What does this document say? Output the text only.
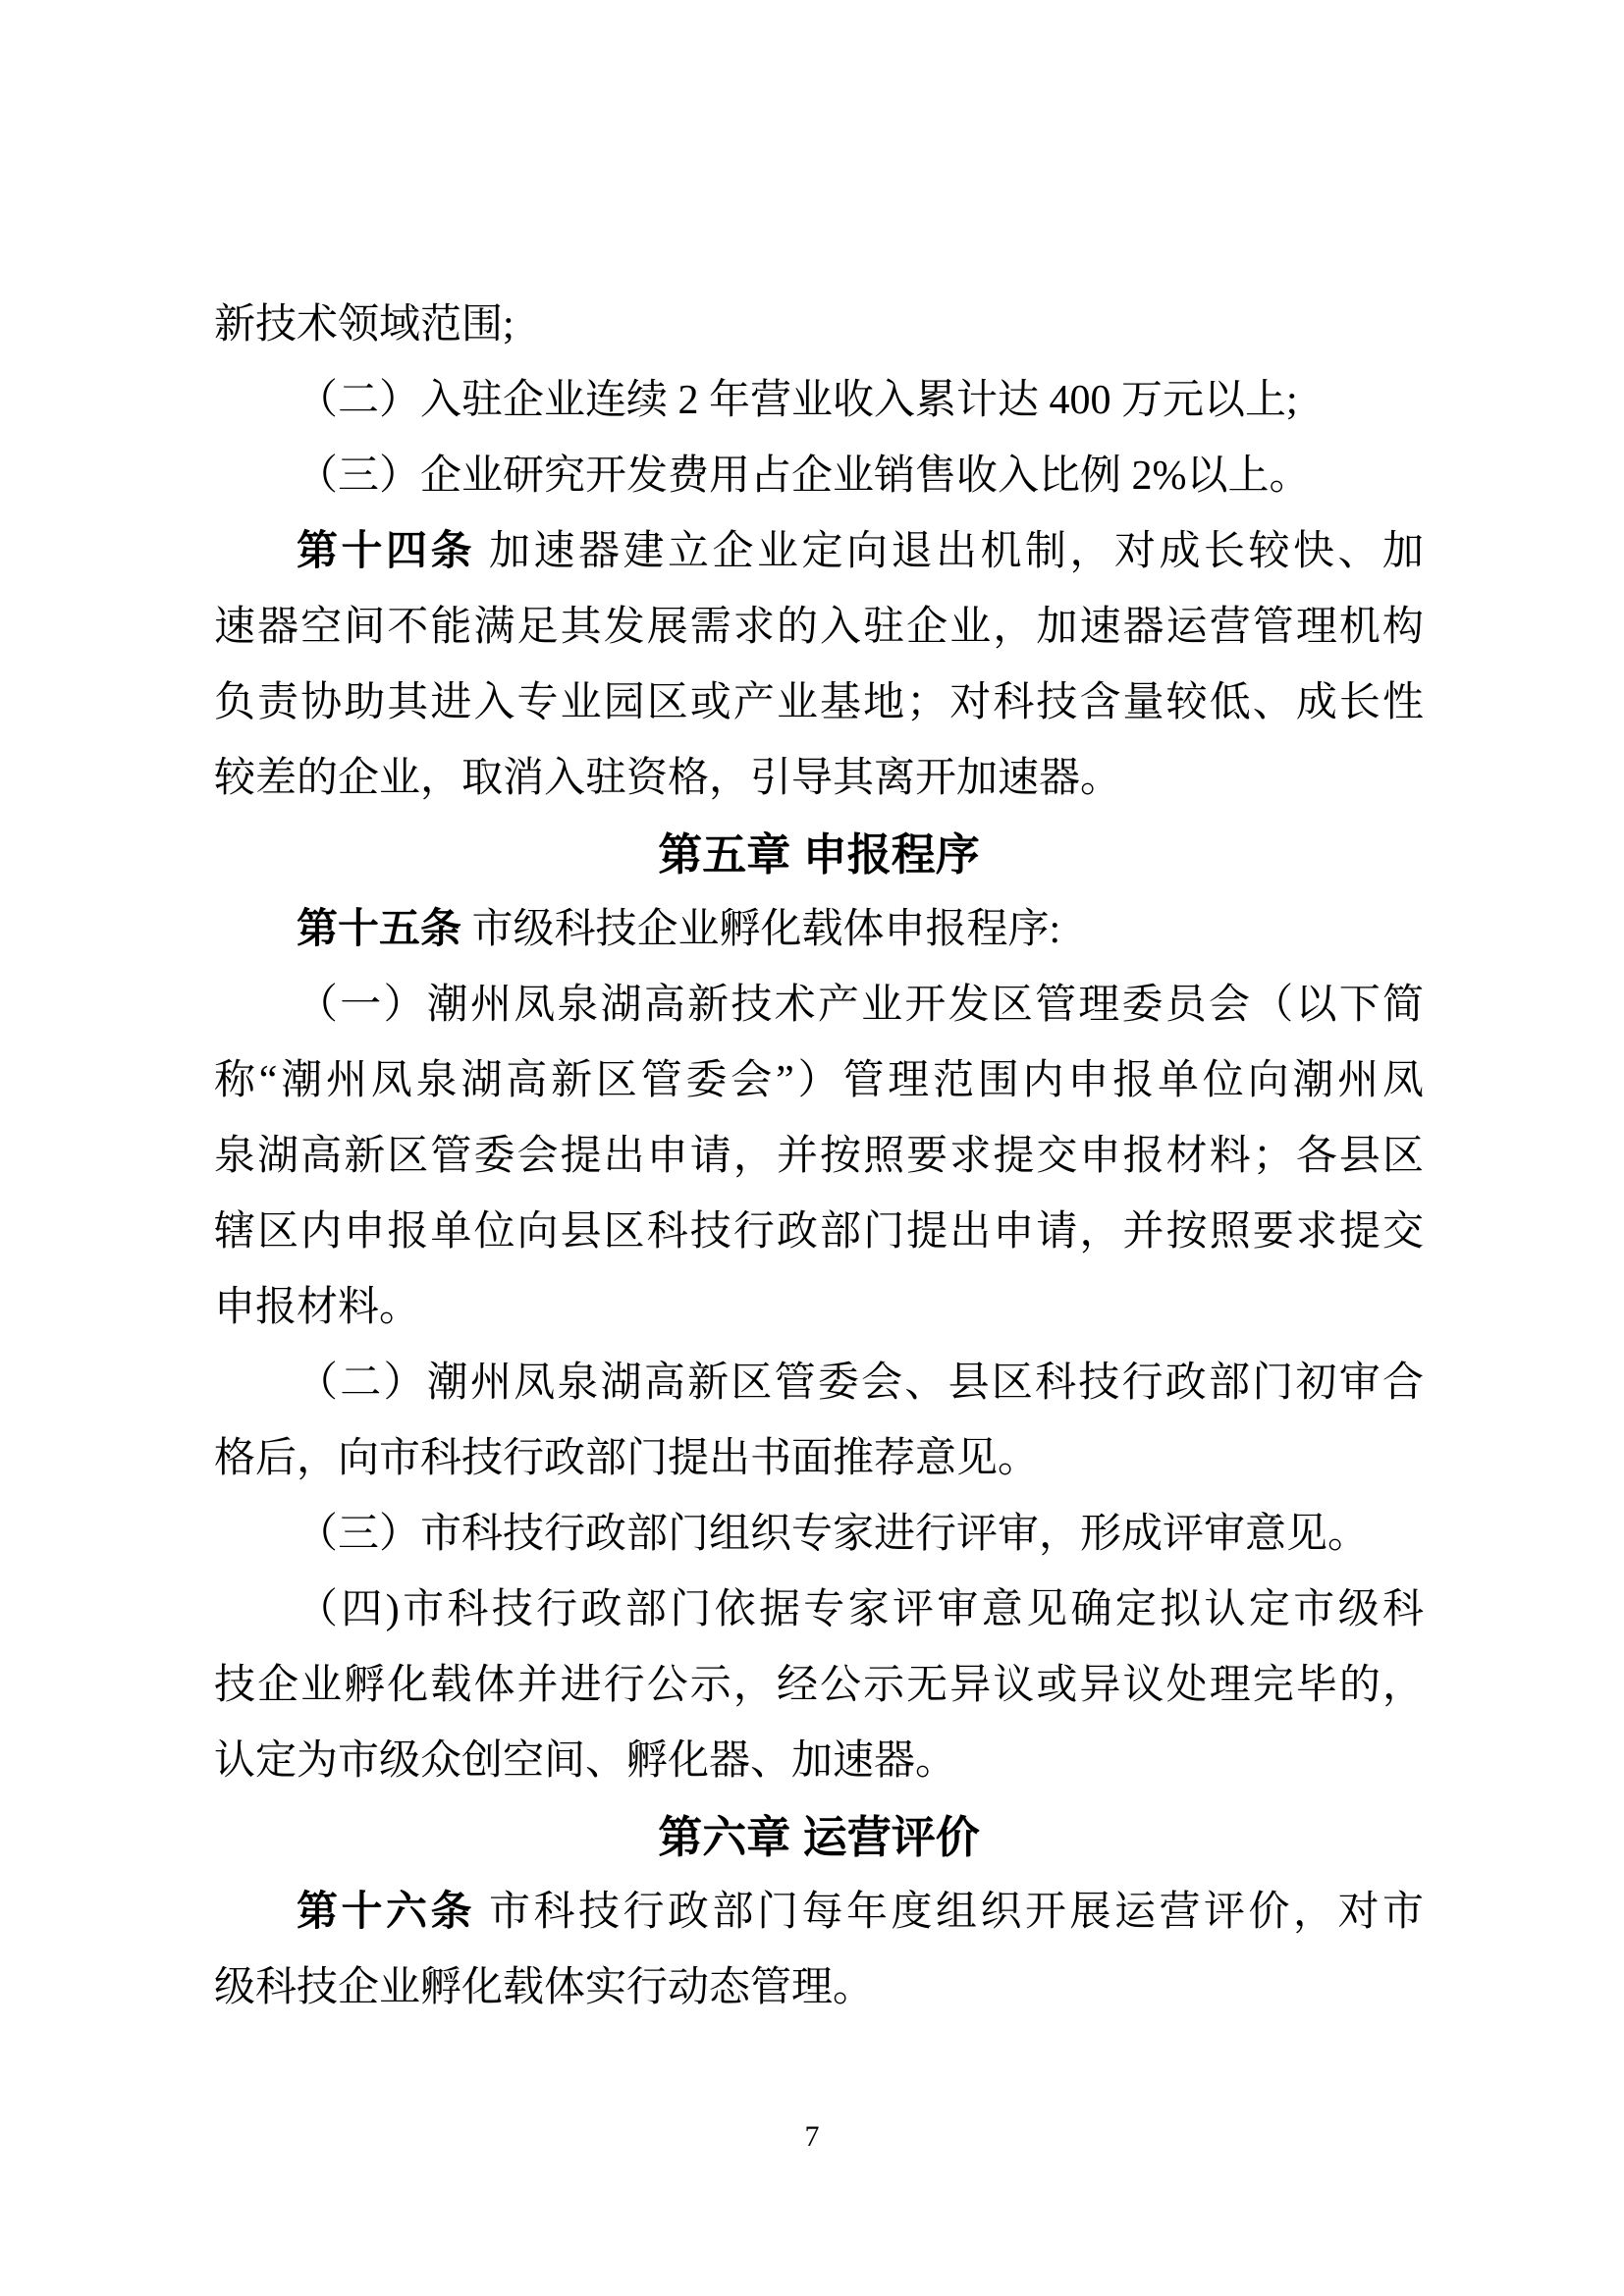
新技术领域范围;
（二）入驻企业连续 2 年营业收入累计达 400 万元以上;
（三）企业研究开发费用占企业销售收入比例 2%以上。
第十四条 加速器建立企业定向退出机制，对成长较快、加
速器空间不能满足其发展需求的入驻企业，加速器运营管理机构
负责协助其进入专业园区或产业基地；对科技含量较低、成长性
较差的企业，取消入驻资格，引导其离开加速器。
第五章 申报程序
第十五条 市级科技企业孵化载体申报程序:
（一）潮州凤泉湖高新技术产业开发区管理委员会（以下简
称“潮州凤泉湖高新区管委会”）管理范围内申报单位向潮州凤
泉湖高新区管委会提出申请，并按照要求提交申报材料；各县区
辖区内申报单位向县区科技行政部门提出申请，并按照要求提交
申报材料。
（二）潮州凤泉湖高新区管委会、县区科技行政部门初审合
格后，向市科技行政部门提出书面推荐意见。
（三）市科技行政部门组织专家进行评审，形成评审意见。
（四)市科技行政部门依据专家评审意见确定拟认定市级科
技企业孵化载体并进行公示，经公示无异议或异议处理完毕的，
认定为市级众创空间、孵化器、加速器。
第六章 运营评价
第十六条 市科技行政部门每年度组织开展运营评价，对市
级科技企业孵化载体实行动态管理。
7
